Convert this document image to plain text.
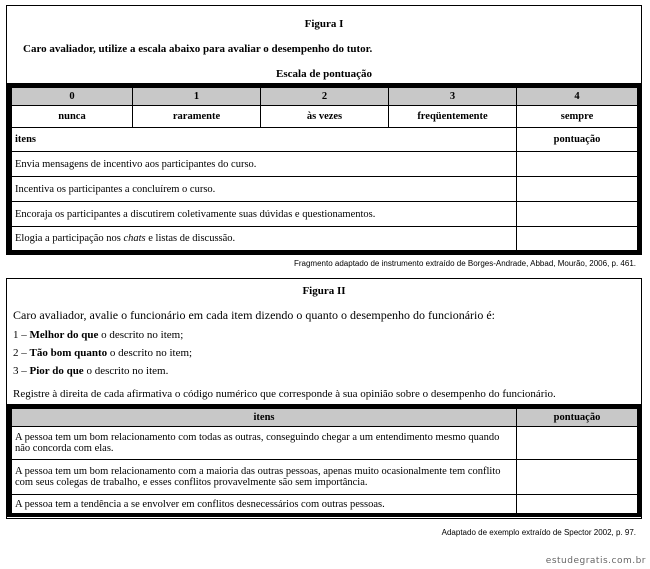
Figura I
Caro avaliador, utilize a escala abaixo para avaliar o desempenho do tutor.
Escala de pontuação
0	1	2	3	4
nunca	raramente	às vezes	freqüentemente	sempre
itens				pontuação
Envia mensagens de incentivo aos participantes do curso.				
Incentiva os participantes a concluírem o curso.				
Encoraja os participantes a discutirem coletivamente suas dúvidas e questionamentos.				
Elogia a participação nos chats e listas de discussão.				
Fragmento adaptado de instrumento extraído de Borges-Andrade, Abbad, Mourão, 2006, p. 461.
Figura II
Caro avaliador, avalie o funcionário em cada item dizendo o quanto o desempenho do funcionário é:
1 – Melhor do que o descrito no item;
2 – Tão bom quanto o descrito no item;
3 – Pior do que o descrito no item.
Registre à direita de cada afirmativa o código numérico que corresponde à sua opinião sobre o desempenho do funcionário.
itens	pontuação
A pessoa tem um bom relacionamento com todas as outras, conseguindo chegar a um entendimento mesmo quando não concorda com elas.	
A pessoa tem um bom relacionamento com a maioria das outras pessoas, apenas muito ocasionalmente tem conflito com seus colegas de trabalho, e esses conflitos provavelmente são sem importância.	
A pessoa tem a tendência a se envolver em conflitos desnecessários com outras pessoas.	
Adaptado de exemplo extraído de Spector 2002, p. 97.
estudegratis.com.br
